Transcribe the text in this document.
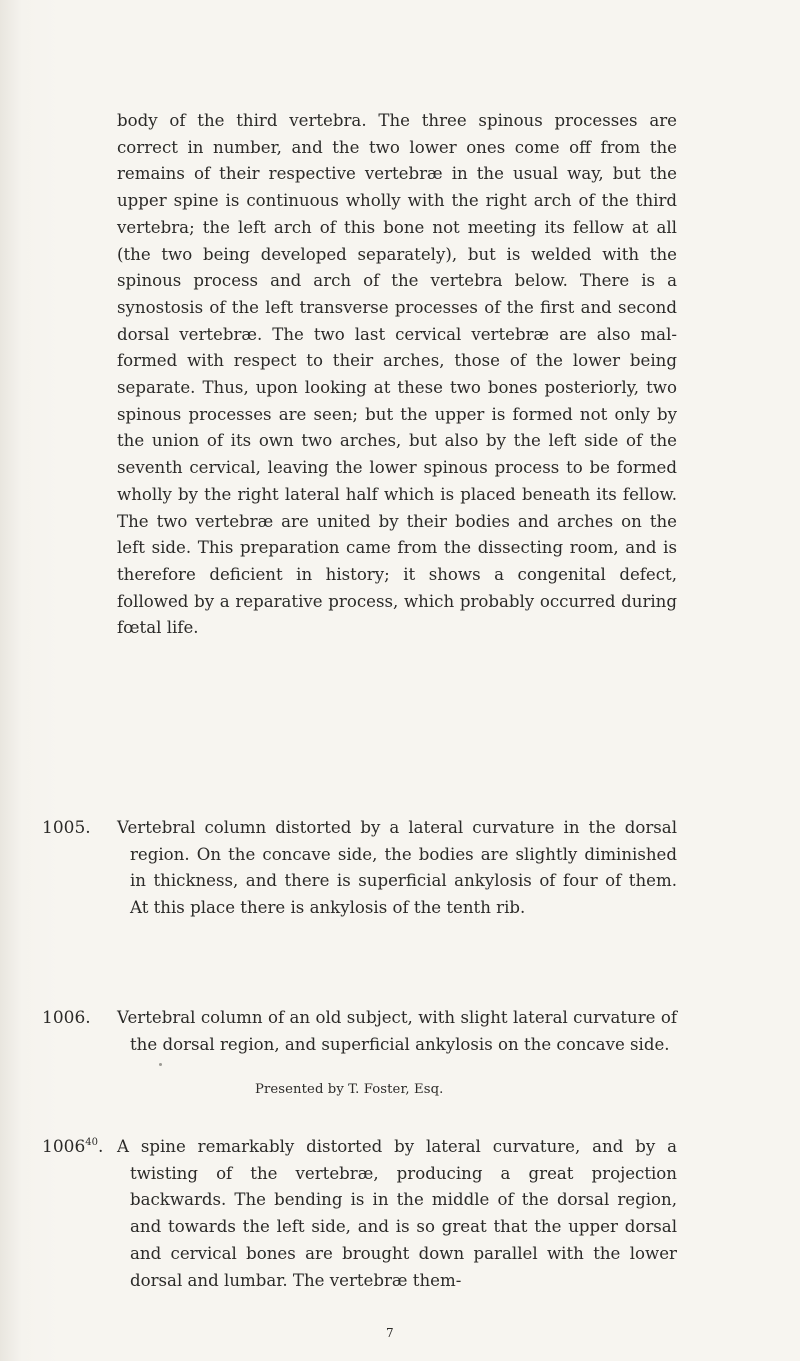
body of the third vertebra. The three spinous processes are correct in number, and the two lower ones come off from the remains of their respective vertebræ in the usual way, but the upper spine is continuous wholly with the right arch of the third vertebra; the left arch of this bone not meeting its fellow at all (the two being developed separately), but is welded with the spinous process and arch of the vertebra below. There is a synostosis of the left transverse processes of the first and second dorsal vertebræ. The two last cervical vertebræ are also mal-formed with respect to their arches, those of the lower being separate. Thus, upon looking at these two bones posteriorly, two spinous processes are seen; but the upper is formed not only by the union of its own two arches, but also by the left side of the seventh cervical, leaving the lower spinous process to be formed wholly by the right lateral half which is placed beneath its fellow. The two vertebræ are united by their bodies and arches on the left side. This preparation came from the dissecting room, and is therefore deficient in history; it shows a congenital defect, followed by a reparative process, which probably occurred during fœtal life.

1005. Vertebral column distorted by a lateral curvature in the dorsal region. On the concave side, the bodies are slightly diminished in thickness, and there is superficial ankylosis of four of them. At this place there is ankylosis of the tenth rib.

1006. Vertebral column of an old subject, with slight lateral curvature of the dorsal region, and superficial ankylosis on the concave side.

Presented by T. Foster, Esq.
1006$^{40}$. A spine remarkably distorted by lateral curvature, and by a twisting of the vertebræ, producing a great projection backwards. The bending is in the middle of the dorsal region, and towards the left side, and is so great that the upper dorsal and cervical bones are brought down parallel with the lower dorsal and lumbar. The vertebræ them-

7
